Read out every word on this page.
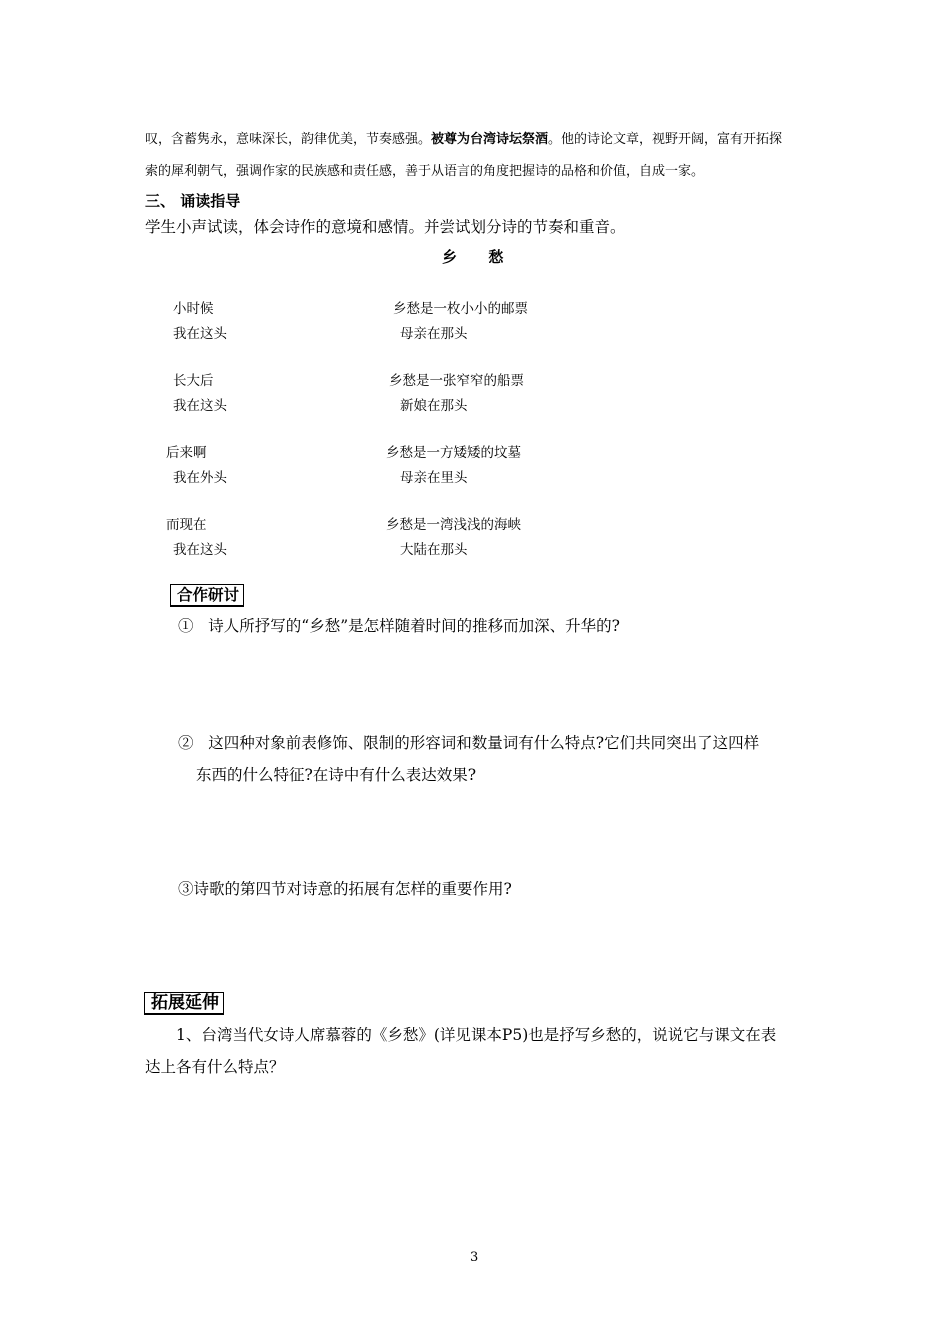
叹，含蓄隽永，意味深长，韵律优美，节奏感强。被尊为台湾诗坛祭酒。他的诗论文章，视野开阔，富有开拓探
索的犀利朝气，强调作家的民族感和责任感，善于从语言的角度把握诗的品格和价值，自成一家。
三、 诵读指导
学生小声试读，体会诗作的意境和感情。并尝试划分诗的节奏和重音。
乡      愁
小时候	乡愁是一枚小小的邮票
我在这头	母亲在那头
长大后	乡愁是一张窄窄的船票
我在这头	新娘在那头
后来啊	乡愁是一方矮矮的坟墓
我在外头	母亲在里头
而现在	乡愁是一湾浅浅的海峡
我在这头	大陆在那头
合作研讨
①   诗人所抒写的“乡愁”是怎样随着时间的推移而加深、升华的?
②   这四种对象前表修饰、限制的形容词和数量词有什么特点?它们共同突出了这四样
东西的什么特征?在诗中有什么表达效果?
③诗歌的第四节对诗意的拓展有怎样的重要作用?
拓展延伸
1、台湾当代女诗人席慕蓉的《乡愁》(详见课本P5)也是抒写乡愁的，说说它与课文在表
达上各有什么特点？
3
